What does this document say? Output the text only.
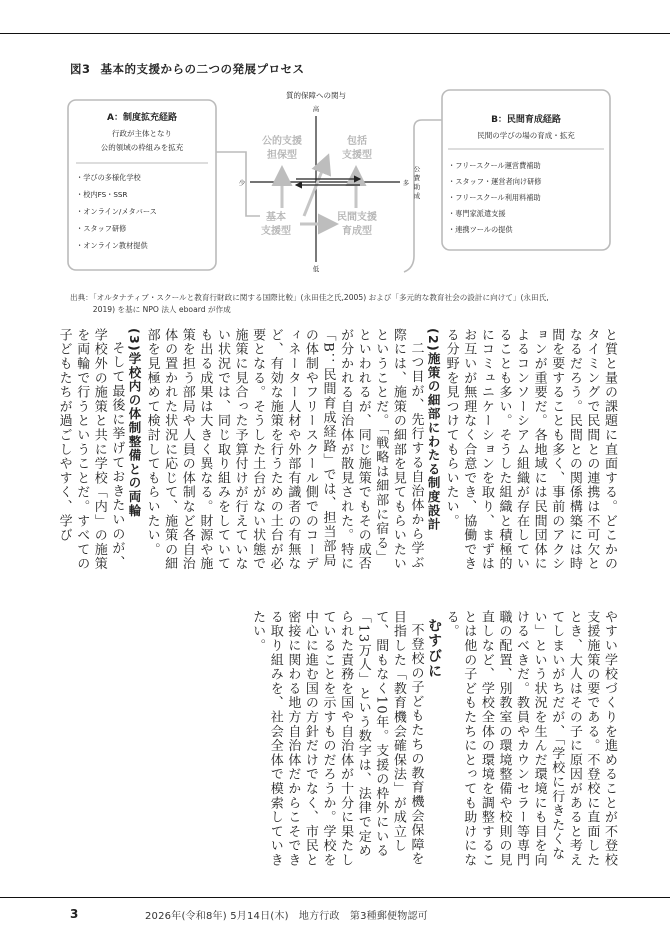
図3 基本的支援からの二つの発展プロセス
A：制度拡充経路
行政が主体となり
公的領域の枠組みを拡充
・学びの多様化学校
・校内FS・SSR
・オンライン/メタバース
・スタッフ研修
・オンライン教材提供
B：民間育成経路
民間の学びの場の育成・拡充
・フリースクール運営費補助
・スタッフ・運営者向け研修
・フリースクール利用料補助
・専門家派遣支援
・連携ツールの提供
質的保障への関与
高
低
少	多
公
費
助
成
公的支援
担保型
包括
支援型
基本
支援型
民間支援
育成型
出典：「オルタナティブ・スクールと教育行財政に関する国際比較」(永田佳之氏,2005) および「多元的な教育社会の設計に向けて」(永田氏,
　　　2019) を基に NPO 法人 eboard が作成

と質と量の課題に直面する。どこかのタイミングで民間との連携は不可欠となるだろう。民間との関係構築には時間を要することも多く、事前のアクションが重要だ。各地域には民間団体によるコンソーシアム組織が存在していることも多い。そうした組織と積極的にコミュニケーションを取り、まずはお互いが無理なく合意でき、協働できる分野を見つけてもらいたい。

(2)施策の細部にわたる制度設計

二つ目が、先行する自治体から学ぶ際には、施策の細部を見てもらいたいということだ。「戦略は細部に宿る」といわれるが、同じ施策でもその成否が分かれる自治体が散見された。特に「B：民間育成経路」では、担当部局の体制やフリースクール側でのコーディネーター人材や外部有識者の有無など、有効な施策を行うための土台が必要となる。そうした土台がない状態で施策に見合った予算付けが行えていない状況では、同じ取り組みをしていても出る成果は大きく異なる。財源や施策を担う部局や人員の体制など各自治体の置かれた状況に応じて、施策の細部を見極めて検討してもらいたい。

(3)学校内の体制整備との両輪

そして最後に挙げておきたいのが、学校外の施策と共に学校「内」の施策を両輪で行うということだ。すべての子どもたちが過ごしやすく、学び

やすい学校づくりを進めることが不登校支援施策の要である。不登校に直面したとき、大人はその子に原因があると考えてしまいがちだが、「学校に行きたくない」という状況を生んだ環境にも目を向けるべきだ。教員やカウンセラー等専門職の配置、別教室の環境整備や校則の見直しなど、学校全体の環境を調整することは他の子どもたちにとっても助けになる。

むすびに

不登校の子どもたちの教育機会保障を目指した「教育機会確保法」が成立して、間もなく10年。支援の枠外にいる「13万人」という数字は、法律で定められた責務を国や自治体が十分に果たしていることを示すものだろうか。学校を中心に進む国の方針だけでなく、市民と密接に関わる地方自治体だからこそできる取り組みを、社会全体で模索していきたい。

3	2026年(令和8年) 5月14日(木)　地方行政　第3種郵便物認可
